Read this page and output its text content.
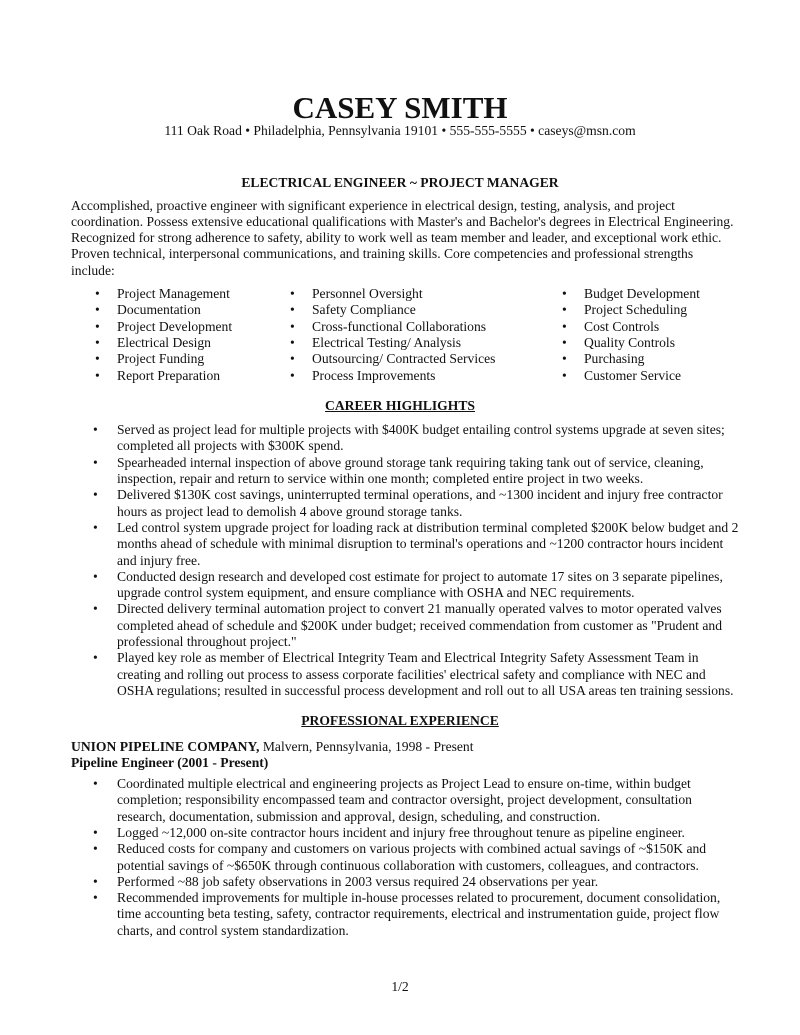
CASEY SMITH
111 Oak Road • Philadelphia, Pennsylvania 19101 • 555-555-5555 • caseys@msn.com
ELECTRICAL ENGINEER ~ PROJECT MANAGER
Accomplished, proactive engineer with significant experience in electrical design, testing, analysis, and project coordination. Possess extensive educational qualifications with Master's and Bachelor's degrees in Electrical Engineering. Recognized for strong adherence to safety, ability to work well as team member and leader, and exceptional work ethic. Proven technical, interpersonal communications, and training skills. Core competencies and professional strengths include:
• Project Management
• Documentation
• Project Development
• Electrical Design
• Project Funding
• Report Preparation
• Personnel Oversight
• Safety Compliance
• Cross-functional Collaborations
• Electrical Testing/ Analysis
• Outsourcing/ Contracted Services
• Process Improvements
• Budget Development
• Project Scheduling
• Cost Controls
• Quality Controls
• Purchasing
• Customer Service
CAREER HIGHLIGHTS
• Served as project lead for multiple projects with $400K budget entailing control systems upgrade at seven sites; completed all projects with $300K spend.
• Spearheaded internal inspection of above ground storage tank requiring taking tank out of service, cleaning, inspection, repair and return to service within one month; completed entire project in two weeks.
• Delivered $130K cost savings, uninterrupted terminal operations, and ~1300 incident and injury free contractor hours as project lead to demolish 4 above ground storage tanks.
• Led control system upgrade project for loading rack at distribution terminal completed $200K below budget and 2 months ahead of schedule with minimal disruption to terminal's operations and ~1200 contractor hours incident and injury free.
• Conducted design research and developed cost estimate for project to automate 17 sites on 3 separate pipelines, upgrade control system equipment, and ensure compliance with OSHA and NEC requirements.
• Directed delivery terminal automation project to convert 21 manually operated valves to motor operated valves completed ahead of schedule and $200K under budget; received commendation from customer as "Prudent and professional throughout project."
• Played key role as member of Electrical Integrity Team and Electrical Integrity Safety Assessment Team in creating and rolling out process to assess corporate facilities' electrical safety and compliance with NEC and OSHA regulations; resulted in successful process development and roll out to all USA areas ten training sessions.
PROFESSIONAL EXPERIENCE
UNION PIPELINE COMPANY, Malvern, Pennsylvania, 1998 - Present
Pipeline Engineer (2001 - Present)
• Coordinated multiple electrical and engineering projects as Project Lead to ensure on-time, within budget completion; responsibility encompassed team and contractor oversight, project development, consultation research, documentation, submission and approval, design, scheduling, and construction.
• Logged ~12,000 on-site contractor hours incident and injury free throughout tenure as pipeline engineer.
• Reduced costs for company and customers on various projects with combined actual savings of ~$150K and potential savings of ~$650K through continuous collaboration with customers, colleagues, and contractors.
• Performed ~88 job safety observations in 2003 versus required 24 observations per year.
• Recommended improvements for multiple in-house processes related to procurement, document consolidation, time accounting beta testing, safety, contractor requirements, electrical and instrumentation guide, project flow charts, and control system standardization.
1/2
